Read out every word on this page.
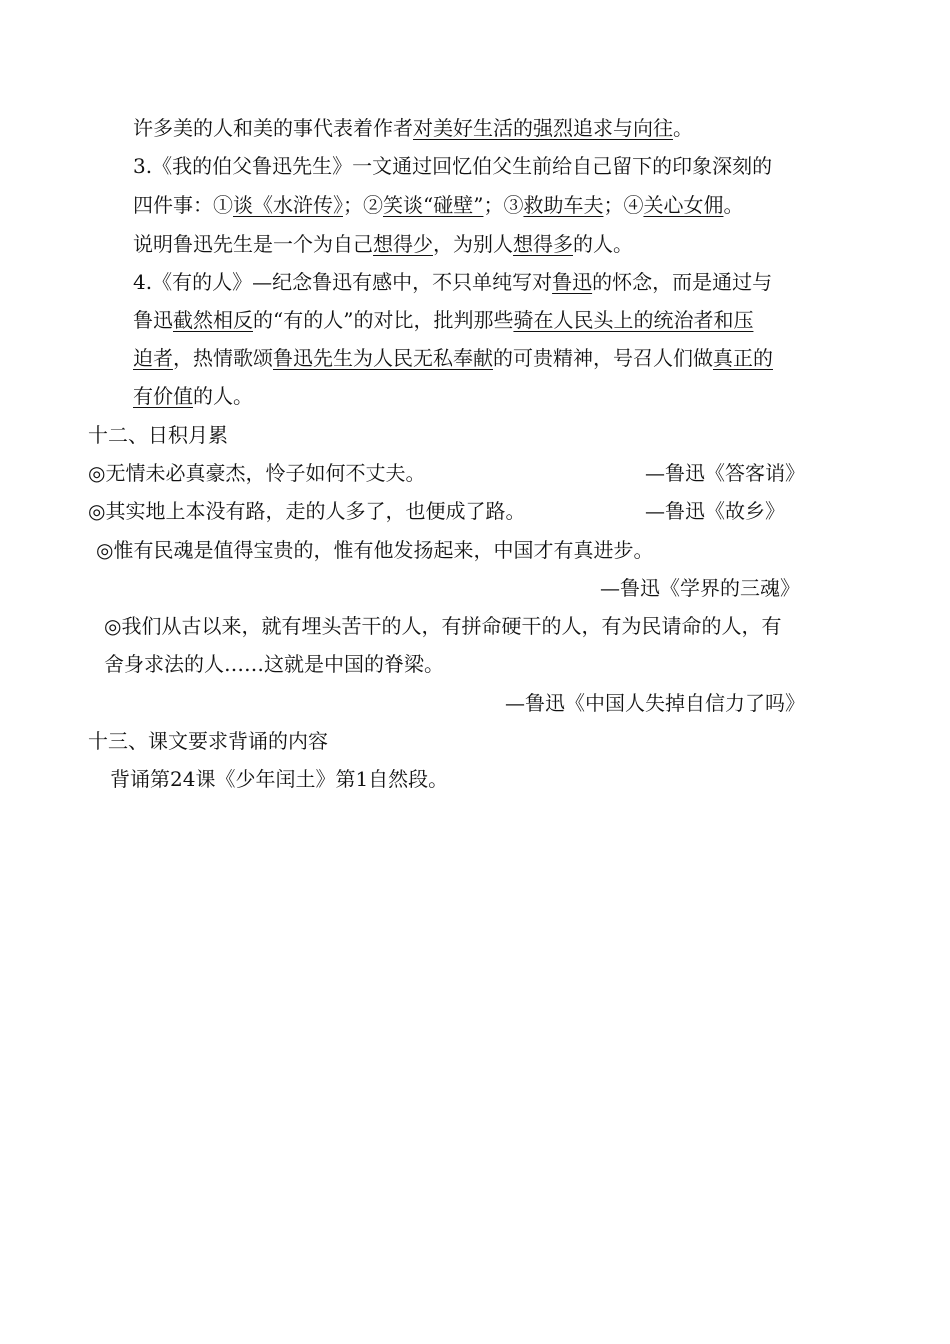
许多美的人和美的事代表着作者对美好生活的强烈追求与向往。
3.《我的伯父鲁迅先生》一文通过回忆伯父生前给自己留下的印象深刻的
四件事：①谈《水浒传》；②笑谈“碰壁”；③救助车夫；④关心女佣。
说明鲁迅先生是一个为自己想得少，为别人想得多的人。
4.《有的人》—纪念鲁迅有感中，不只单纯写对鲁迅的怀念，而是通过与
鲁迅截然相反的“有的人”的对比，批判那些骑在人民头上的统治者和压
迫者，热情歌颂鲁迅先生为人民无私奉献的可贵精神，号召人们做真正的
有价值的人。
十二、日积月累
◎无情未必真豪杰，怜子如何不丈夫。	—鲁迅《答客诮》
◎其实地上本没有路，走的人多了，也便成了路。	—鲁迅《故乡》
◎惟有民魂是值得宝贵的，惟有他发扬起来，中国才有真进步。
—鲁迅《学界的三魂》
◎我们从古以来，就有埋头苦干的人，有拼命硬干的人，有为民请命的人，有
舍身求法的人……这就是中国的脊梁。
—鲁迅《中国人失掉自信力了吗》
十三、课文要求背诵的内容
背诵第24课《少年闰土》第1自然段。
